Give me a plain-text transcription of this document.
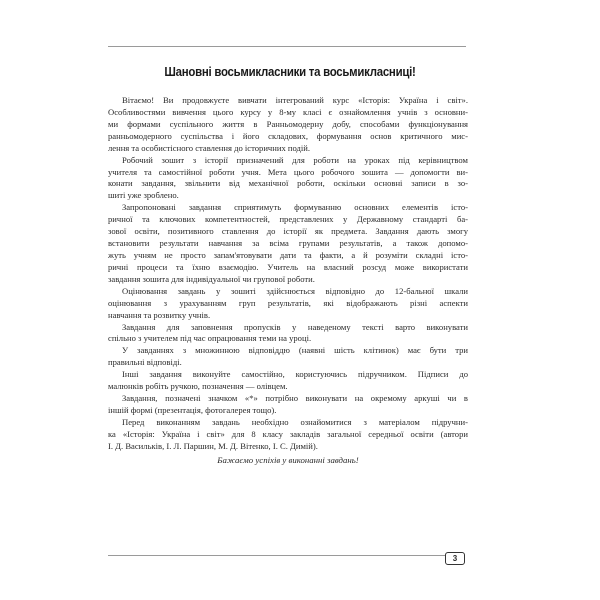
Шановні восьмикласники та восьмикласниці!
Вітаємо! Ви продовжуєте вивчати інтегрований курс «Історія: Україна і світ».
Особливостями вивчення цього курсу у 8-му класі є ознайомлення учнів з основни-
ми формами суспільного життя в Ранньомодерну добу, способами функціонування
ранньомодерного суспільства і його складових, формування основ критичного мис-
лення та особистісного ставлення до історичних подій.
Робочий зошит з історії призначений для роботи на уроках під керівництвом
учителя та самостійної роботи учня. Мета цього робочого зошита — допомогти ви-
конати завдання, звільнити від механічної роботи, оскільки основні записи в зо-
шиті уже зроблено.
Запропоновані завдання сприятимуть формуванню основних елементів істо-
ричної та ключових компетентностей, представлених у Державному стандарті ба-
зової освіти, позитивного ставлення до історії як предмета. Завдання дають змогу
встановити результати навчання за всіма групами результатів, а також допомо-
жуть учням не просто запам'ятовувати дати та факти, а й розуміти складні істо-
ричні процеси та їхню взаємодію. Учитель на власний розсуд може використати
завдання зошита для індивідуальної чи групової роботи.
Оцінювання завдань у зошиті здійснюється відповідно до 12-бальної шкали
оцінювання з урахуванням груп результатів, які відображають різні аспекти
навчання та розвитку учнів.
Завдання для заповнення пропусків у наведеному тексті варто виконувати
спільно з учителем під час опрацювання теми на уроці.
У завданнях з множинною відповіддю (наявні шість клітинок) має бути три
правильні відповіді.
Інші завдання виконуйте самостійно, користуючись підручником. Підписи до
малюнків робіть ручкою, позначення — олівцем.
Завдання, позначені значком «*» потрібно виконувати на окремому аркуші чи в
іншій формі (презентація, фотогалерея тощо).
Перед виконанням завдань необхідно ознайомитися з матеріалом підручни-
ка «Історія: Україна і світ» для 8 класу закладів загальної середньої освіти (автори
І. Д. Васильків, І. Л. Паршин, М. Д. Вітенко, І. С. Димій).
Бажаємо успіхів у виконанні завдань!
3
